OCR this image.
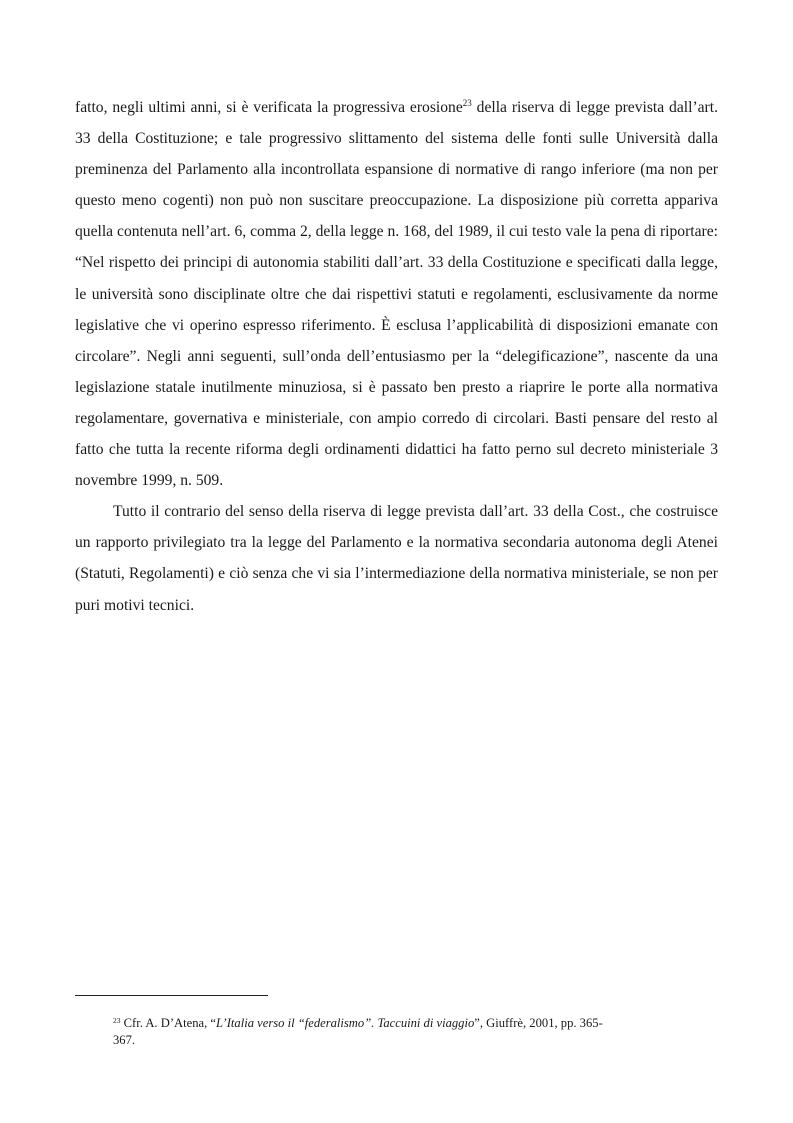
fatto, negli ultimi anni, si è verificata la progressiva erosione$^{23}$ della riserva di legge prevista dall’art. 33 della Costituzione; e tale progressivo slittamento del sistema delle fonti sulle Università dalla preminenza del Parlamento alla incontrollata espansione di normative di rango inferiore (ma non per questo meno cogenti) non può non suscitare preoccupazione. La disposizione più corretta appariva quella contenuta nell’art. 6, comma 2, della legge n. 168, del 1989, il cui testo vale la pena di riportare: “Nel rispetto dei principi di autonomia stabiliti dall’art. 33 della Costituzione e specificati dalla legge, le università sono disciplinate oltre che dai rispettivi statuti e regolamenti, esclusivamente da norme legislative che vi operino espresso riferimento. È esclusa l’applicabilità di disposizioni emanate con circolare”. Negli anni seguenti, sull’onda dell’entusiasmo per la “delegificazione”, nascente da una legislazione statale inutilmente minuziosa, si è passato ben presto a riaprire le porte alla normativa regolamentare, governativa e ministeriale, con ampio corredo di circolari. Basti pensare del resto al fatto che tutta la recente riforma degli ordinamenti didattici ha fatto perno sul decreto ministeriale 3 novembre 1999, n. 509.

Tutto il contrario del senso della riserva di legge prevista dall’art. 33 della Cost., che costruisce un rapporto privilegiato tra la legge del Parlamento e la normativa secondaria autonoma degli Atenei (Statuti, Regolamenti) e ciò senza che vi sia l’intermediazione della normativa ministeriale, se non per puri motivi tecnici.

$^{23}$ Cfr. A. D’Atena, “L’Italia verso il “federalismo”. Taccuini di viaggio”, Giuffrè, 2001, pp. 365-367.
